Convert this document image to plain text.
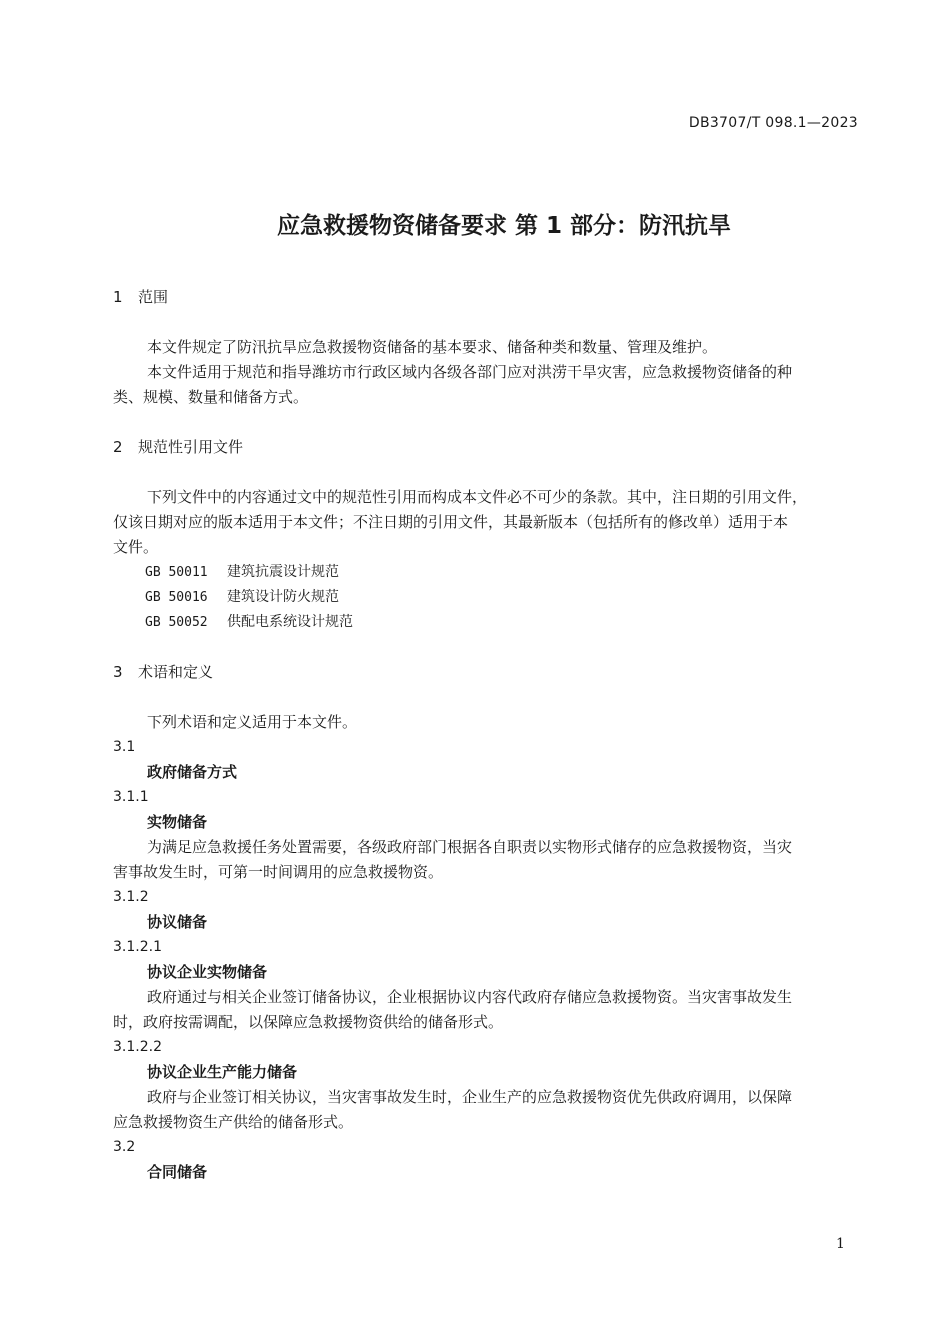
DB3707/T 098.1—2023
应急救援物资储备要求 第 1 部分：防汛抗旱
1 范围
本文件规定了防汛抗旱应急救援物资储备的基本要求、储备种类和数量、管理及维护。
本文件适用于规范和指导潍坊市行政区域内各级各部门应对洪涝干旱灾害，应急救援物资储备的种
类、规模、数量和储备方式。
2 规范性引用文件
下列文件中的内容通过文中的规范性引用而构成本文件必不可少的条款。其中，注日期的引用文件，
仅该日期对应的版本适用于本文件；不注日期的引用文件，其最新版本（包括所有的修改单）适用于本
文件。
GB 50011 建筑抗震设计规范
GB 50016 建筑设计防火规范
GB 50052 供配电系统设计规范
3 术语和定义
下列术语和定义适用于本文件。
3.1
政府储备方式
3.1.1
实物储备
为满足应急救援任务处置需要，各级政府部门根据各自职责以实物形式储存的应急救援物资，当灾
害事故发生时，可第一时间调用的应急救援物资。
3.1.2
协议储备
3.1.2.1
协议企业实物储备
政府通过与相关企业签订储备协议，企业根据协议内容代政府存储应急救援物资。当灾害事故发生
时，政府按需调配，以保障应急救援物资供给的储备形式。
3.1.2.2
协议企业生产能力储备
政府与企业签订相关协议，当灾害事故发生时，企业生产的应急救援物资优先供政府调用，以保障
应急救援物资生产供给的储备形式。
3.2
合同储备
1
